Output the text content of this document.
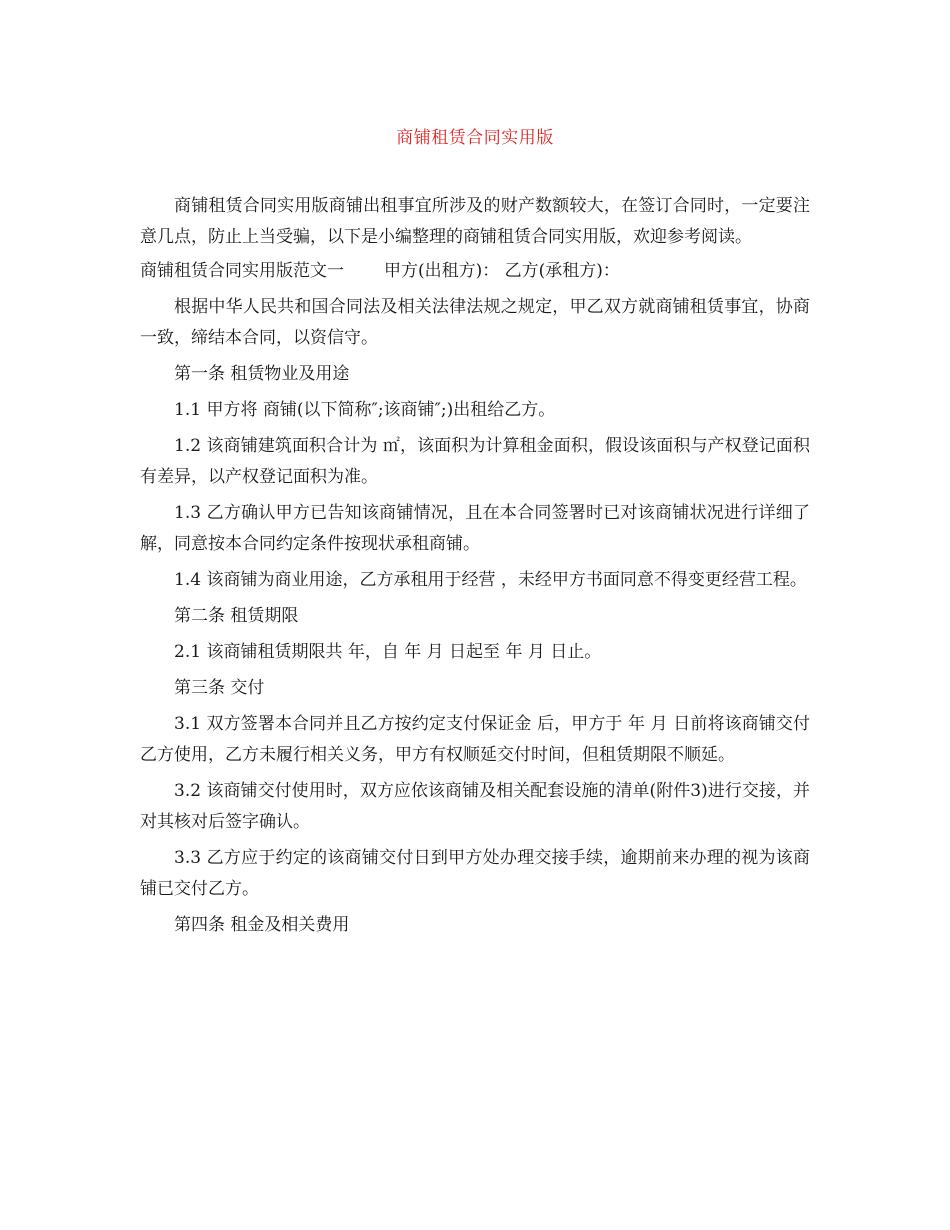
商铺租赁合同实用版

商铺租赁合同实用版商铺出租事宜所涉及的财产数额较大，在签订合同时，一定要注意几点，防止上当受骗，以下是小编整理的商铺租赁合同实用版，欢迎参考阅读。

商铺租赁合同实用版范文一 甲方(出租方)： 乙方(承租方)：

根据中华人民共和国合同法及相关法律法规之规定，甲乙双方就商铺租赁事宜，协商一致，缔结本合同，以资信守。

第一条 租赁物业及用途

1.1 甲方将 商铺(以下简称″;该商铺″;)出租给乙方。

1.2 该商铺建筑面积合计为 ㎡，该面积为计算租金面积，假设该面积与产权登记面积有差异，以产权登记面积为准。

1.3 乙方确认甲方已告知该商铺情况，且在本合同签署时已对该商铺状况进行详细了解，同意按本合同约定条件按现状承租商铺。

1.4 该商铺为商业用途，乙方承租用于经营 ，未经甲方书面同意不得变更经营工程。

第二条 租赁期限

2.1 该商铺租赁期限共 年，自 年 月 日起至 年 月 日止。

第三条 交付

3.1 双方签署本合同并且乙方按约定支付保证金 后，甲方于 年 月 日前将该商铺交付乙方使用，乙方未履行相关义务，甲方有权顺延交付时间，但租赁期限不顺延。

3.2 该商铺交付使用时，双方应依该商铺及相关配套设施的清单(附件3)进行交接，并对其核对后签字确认。

3.3 乙方应于约定的该商铺交付日到甲方处办理交接手续，逾期前来办理的视为该商铺已交付乙方。

第四条 租金及相关费用
